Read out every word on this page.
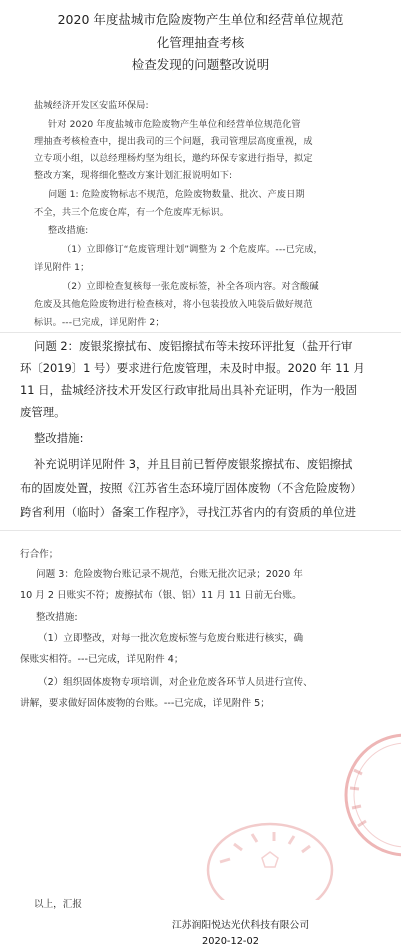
2020 年度盐城市危险废物产生单位和经营单位规范
化管理抽查考核
检查发现的问题整改说明
盐城经济开发区安监环保局:
针对 2020 年度盐城市危险废物产生单位和经营单位规范化管
理抽查考核检查中，提出我司的三个问题，我司管理层高度重视，成
立专项小组，以总经理杨灼坚为组长，邀约环保专家进行指导，拟定
整改方案，现将细化整改方案计划汇报说明如下:
问题 1: 危险废物标志不规范，危险废物数量、批次、产废日期
不全，共三个危废仓库，有一个危废库无标识。
整改措施:
（1）立即修订“危废管理计划”调整为 2 个危废库。---已完成，
详见附件 1；
（2）立即检查复核每一张危废标签，补全各项内容。对含酸碱
危废及其他危险废物进行检查核对，将小包装投放入吨袋后做好规范
标识。---已完成，详见附件 2；
问题 2：废银浆擦拭布、废铝擦拭布等未按环评批复（盐开行审
环〔2019〕1 号）要求进行危废管理，未及时申报。2020 年 11 月
11 日，盐城经济技术开发区行政审批局出具补充证明，作为一般固
废管理。
整改措施:
补充说明详见附件 3，并且目前已暂停废银浆擦拭布、废铝擦拭
布的固废处置，按照《江苏省生态环境厅固体废物（不含危险废物）
跨省利用（临时）备案工作程序》，寻找江苏省内的有资质的单位进
行合作；
问题 3：危险废物台账记录不规范，台账无批次记录；2020 年
10 月 2 日账实不符；废擦拭布（银、铝）11 月 11 日前无台账。
整改措施:
（1）立即整改，对每一批次危废标签与危废台账进行核实，确
保账实相符。---已完成，详见附件 4；
（2）组织固体废物专项培训，对企业危废各环节人员进行宣传、
讲解，要求做好固体废物的台账。---已完成，详见附件 5；
以上，汇报
江苏润阳悦达光伏科技有限公司
2020-12-02
